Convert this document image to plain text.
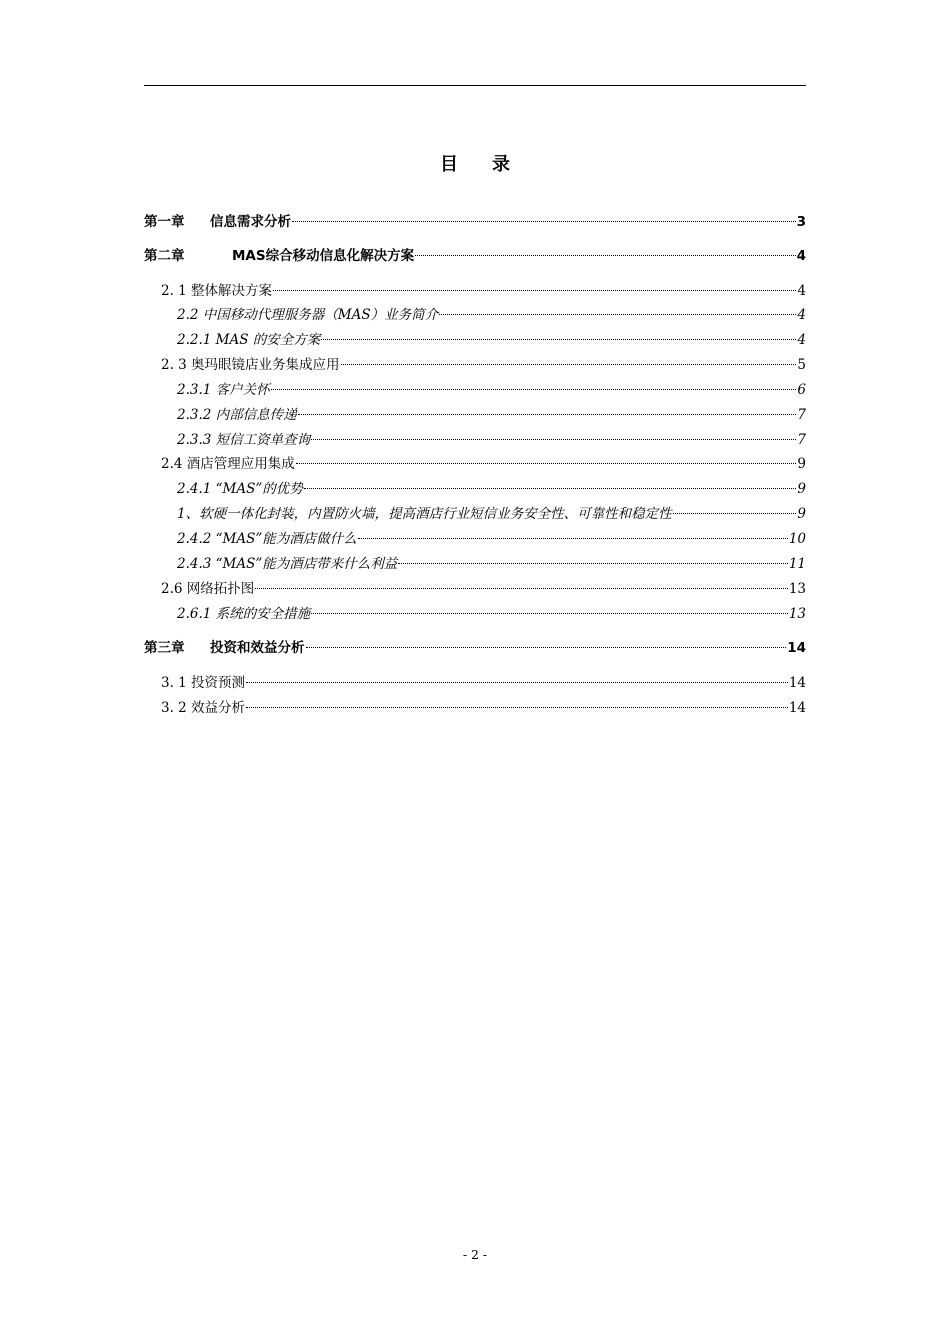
目 录
第一章 信息需求分析	3
第二章	MAS综合移动信息化解决方案	4
2. 1 整体解决方案	4
2.2 中国移动代理服务器（MAS）业务简介	4
2.2.1 MAS 的安全方案	4
2. 3 奥玛眼镜店业务集成应用	5
2.3.1 客户关怀	6
2.3.2 内部信息传递	7
2.3.3 短信工资单查询	7
2.4 酒店管理应用集成	9
2.4.1 “MAS”的优势	9
1、软硬一体化封装，内置防火墙，提高酒店行业短信业务安全性、可靠性和稳定性	9
2.4.2 “MAS”能为酒店做什么	10
2.4.3 “MAS”能为酒店带来什么利益	11
2.6 网络拓扑图	13
2.6.1 系统的安全措施	13
第三章 投资和效益分析	14
3. 1 投资预测	14
3. 2 效益分析	14
- 2 -
